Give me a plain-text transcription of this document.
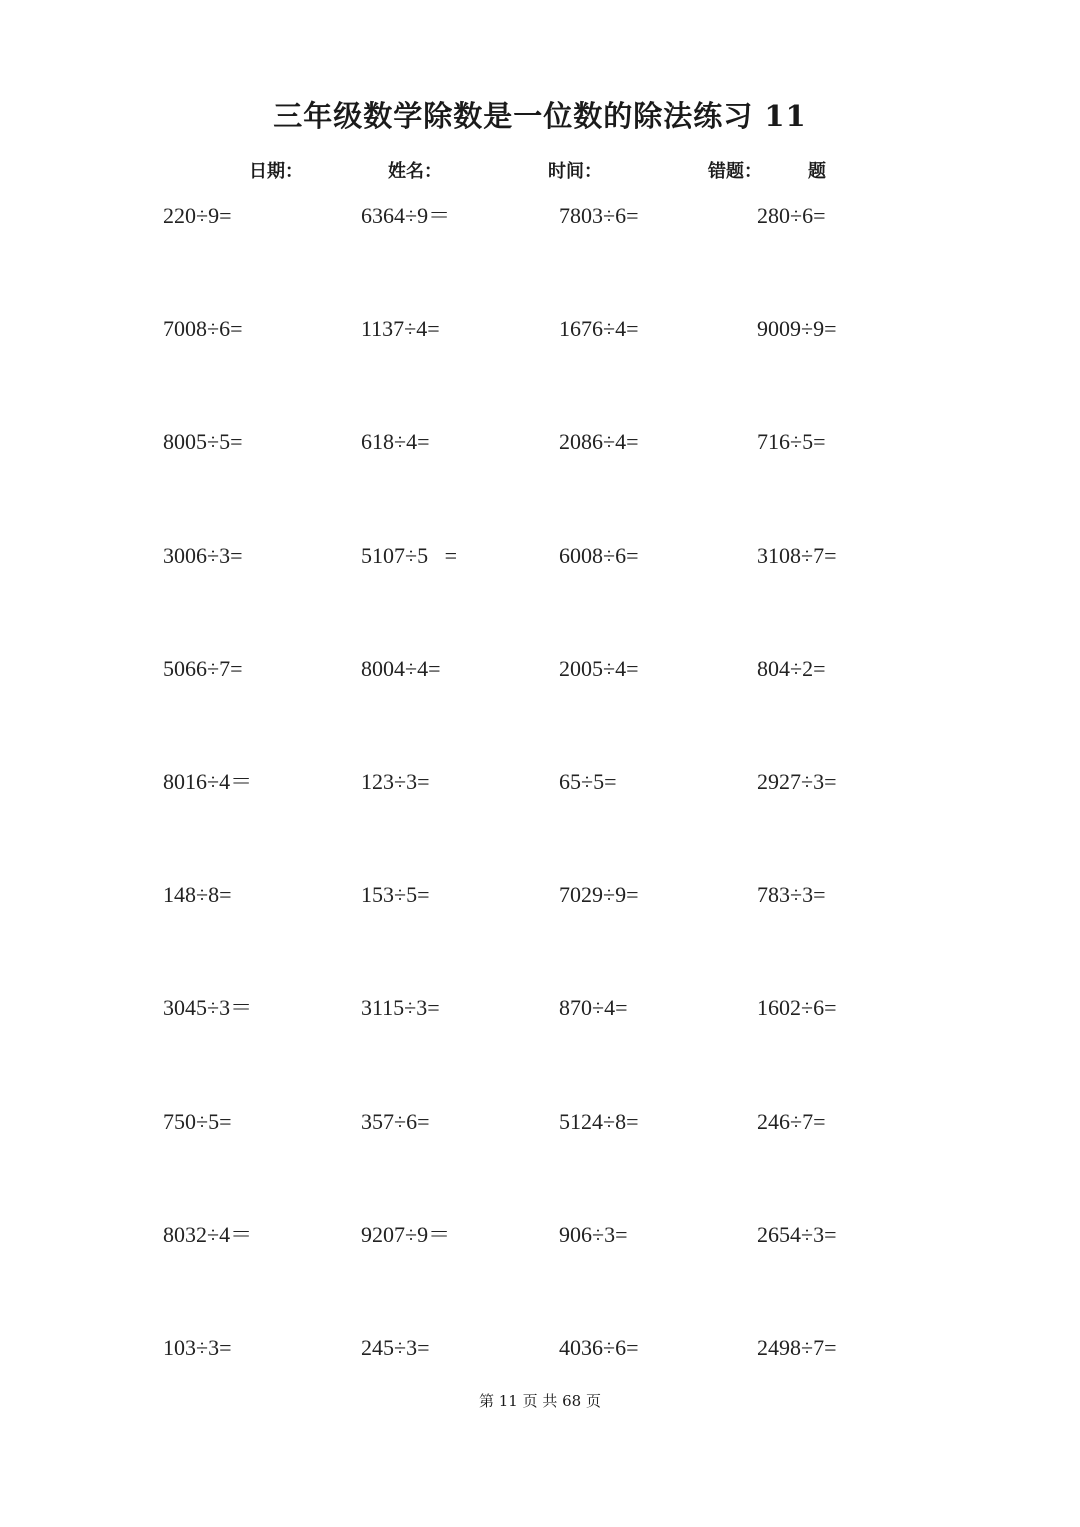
三年级数学除数是一位数的除法练习 11
日期：	姓名：	时间：	错题：	题
220÷9=	6364÷9＝	7803÷6=	280÷6=
7008÷6=	1137÷4=	1676÷4=	9009÷9=
8005÷5=	618÷4=	2086÷4=	716÷5=
3006÷3=	5107÷5   =	6008÷6=	3108÷7=
5066÷7=	8004÷4=	2005÷4=	804÷2=
8016÷4＝	123÷3=	65÷5=	2927÷3=
148÷8=	153÷5=	7029÷9=	783÷3=
3045÷3＝	3115÷3=	870÷4=	1602÷6=
750÷5=	357÷6=	5124÷8=	246÷7=
8032÷4＝	9207÷9＝	906÷3=	2654÷3=
103÷3=	245÷3=	4036÷6=	2498÷7=
第 11 页 共 68 页
